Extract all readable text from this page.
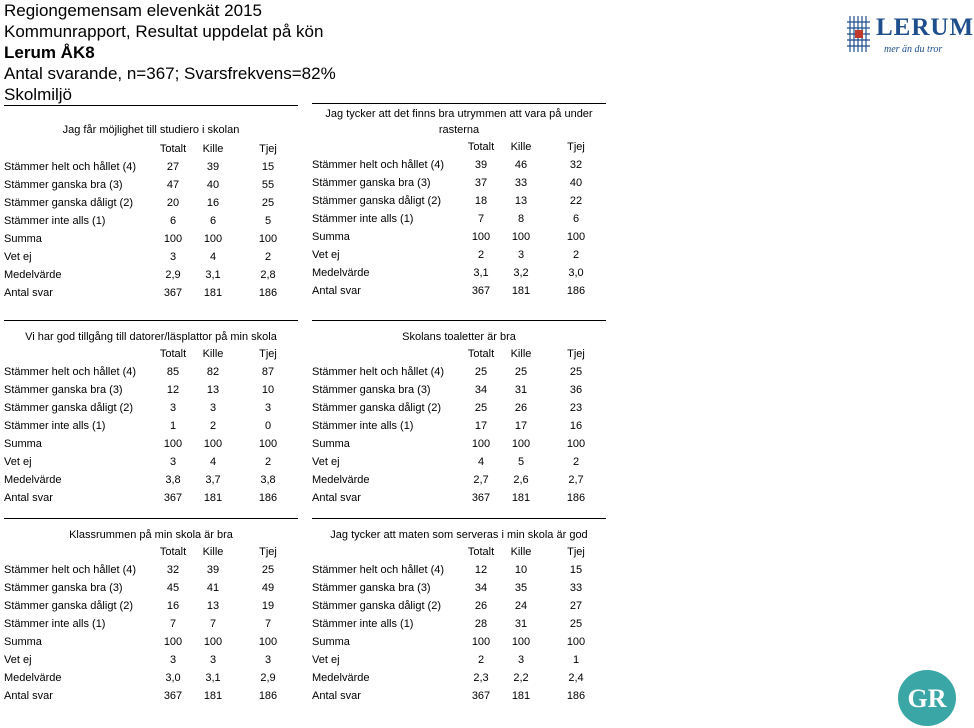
Regiongemensam elevenkät 2015
Kommunrapport, Resultat uppdelat på kön
Lerum ÅK8
Antal svarande, n=367; Svarsfrekvens=82%
Skolmiljö
LERUM
mer än du tror
Jag får möjlighet till studiero i skolan
Totalt	Kille	Tjej
Stämmer helt och hållet (4)	27	39	15
Stämmer ganska bra (3)	47	40	55
Stämmer ganska dåligt (2)	20	16	25
Stämmer inte alls (1)	6	6	5
Summa	100	100	100
Vet ej	3	4	2
Medelvärde	2,9	3,1	2,8
Antal svar	367	181	186
Jag tycker att det finns bra utrymmen att vara på under rasterna
Totalt	Kille	Tjej
Stämmer helt och hållet (4)	39	46	32
Stämmer ganska bra (3)	37	33	40
Stämmer ganska dåligt (2)	18	13	22
Stämmer inte alls (1)	7	8	6
Summa	100	100	100
Vet ej	2	3	2
Medelvärde	3,1	3,2	3,0
Antal svar	367	181	186
Vi har god tillgång till datorer/läsplattor på min skola
Totalt	Kille	Tjej
Stämmer helt och hållet (4)	85	82	87
Stämmer ganska bra (3)	12	13	10
Stämmer ganska dåligt (2)	3	3	3
Stämmer inte alls (1)	1	2	0
Summa	100	100	100
Vet ej	3	4	2
Medelvärde	3,8	3,7	3,8
Antal svar	367	181	186
Skolans toaletter är bra
Totalt	Kille	Tjej
Stämmer helt och hållet (4)	25	25	25
Stämmer ganska bra (3)	34	31	36
Stämmer ganska dåligt (2)	25	26	23
Stämmer inte alls (1)	17	17	16
Summa	100	100	100
Vet ej	4	5	2
Medelvärde	2,7	2,6	2,7
Antal svar	367	181	186
Klassrummen på min skola är bra
Totalt	Kille	Tjej
Stämmer helt och hållet (4)	32	39	25
Stämmer ganska bra (3)	45	41	49
Stämmer ganska dåligt (2)	16	13	19
Stämmer inte alls (1)	7	7	7
Summa	100	100	100
Vet ej	3	3	3
Medelvärde	3,0	3,1	2,9
Antal svar	367	181	186
Jag tycker att maten som serveras i min skola är god
Totalt	Kille	Tjej
Stämmer helt och hållet (4)	12	10	15
Stämmer ganska bra (3)	34	35	33
Stämmer ganska dåligt (2)	26	24	27
Stämmer inte alls (1)	28	31	25
Summa	100	100	100
Vet ej	2	3	1
Medelvärde	2,3	2,2	2,4
Antal svar	367	181	186	GR
